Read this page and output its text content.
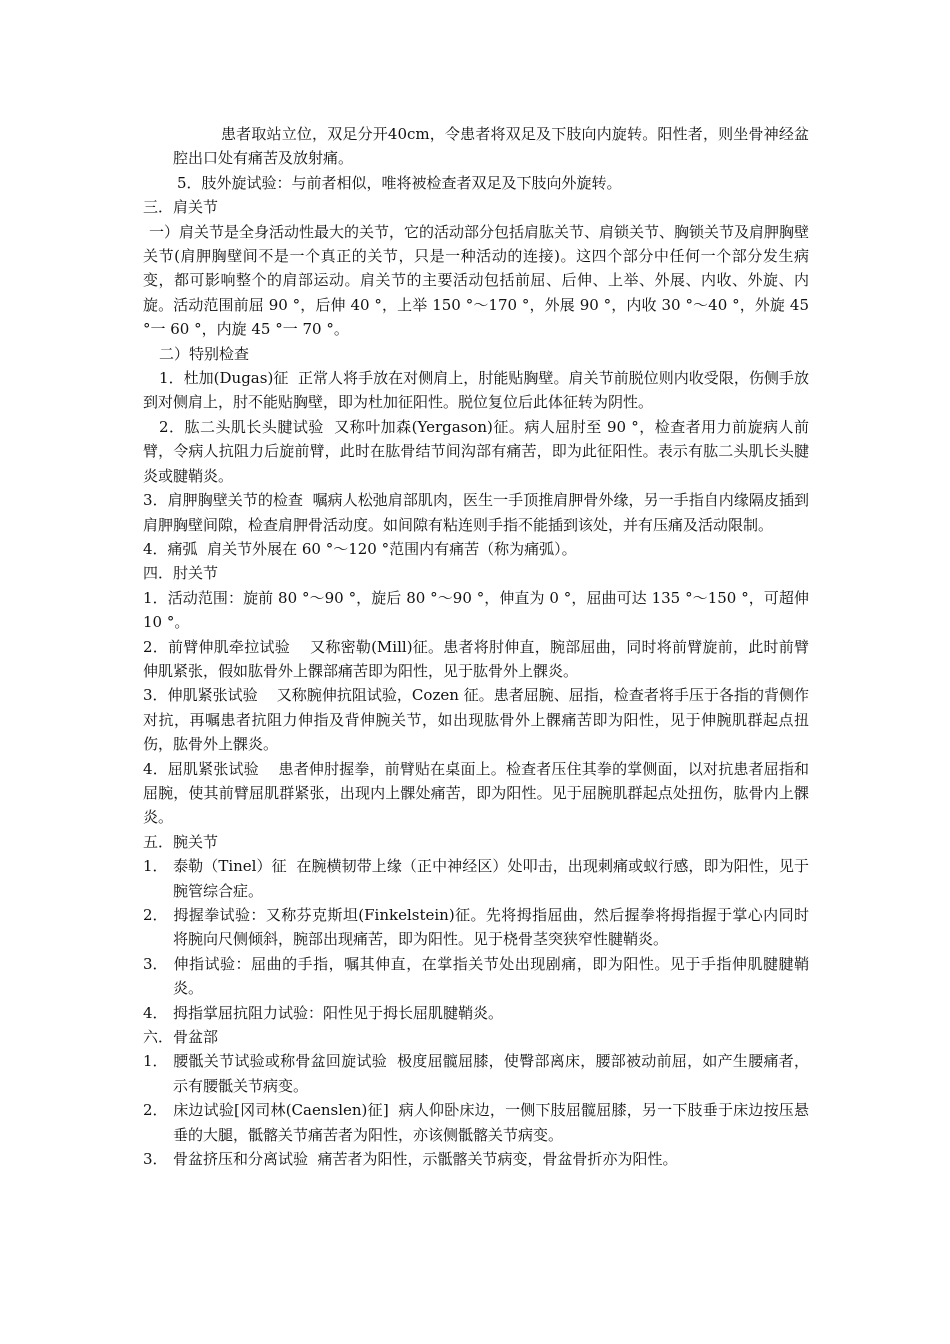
患者取站立位，双足分开40cm，令患者将双足及下肢向内旋转。阳性者，则坐骨神经盆腔出口处有痛苦及放射痛。

5．肢外旋试验：与前者相似，唯将被检查者双足及下肢向外旋转。

三．肩关节

一）肩关节是全身活动性最大的关节，它的活动部分包括肩肱关节、肩锁关节、胸锁关节及肩胛胸壁关节(肩胛胸壁间不是一个真正的关节，只是一种活动的连接)。这四个部分中任何一个部分发生病变，都可影响整个的肩部运动。肩关节的主要活动包括前屈、后伸、上举、外展、内收、外旋、内旋。活动范围前屈 90 °，后伸 40 °，上举 150 °～170 °，外展 90 °，内收 30 °～40 °，外旋 45 °一 60 °，内旋 45 °一 70 °。

二）特别检查

1．杜加(Dugas)征  正常人将手放在对侧肩上，肘能贴胸壁。肩关节前脱位则内收受限，伤侧手放到对侧肩上，肘不能贴胸壁，即为杜加征阳性。脱位复位后此体征转为阴性。

2．肱二头肌长头腱试验  又称叶加森(Yergason)征。病人屈肘至 90 °，检查者用力前旋病人前臂，令病人抗阻力后旋前臂，此时在肱骨结节间沟部有痛苦，即为此征阳性。表示有肱二头肌长头腱炎或腱鞘炎。

3．肩胛胸壁关节的检查  嘱病人松弛肩部肌肉，医生一手顶推肩胛骨外缘，另一手指自内缘隔皮插到肩胛胸壁间隙，检查肩胛骨活动度。如间隙有粘连则手指不能插到该处，并有压痛及活动限制。

4．痛弧  肩关节外展在 60 °～120 °范围内有痛苦（称为痛弧）。

四．肘关节

1．活动范围：旋前 80 °～90 °，旋后 80 °～90 °，伸直为 0 °，屈曲可达 135 °～150 °，可超伸 10 °。

2．前臂伸肌牵拉试验    又称密勒(Mill)征。患者将肘伸直，腕部屈曲，同时将前臂旋前，此时前臂伸肌紧张，假如肱骨外上髁部痛苦即为阳性，见于肱骨外上髁炎。

3．伸肌紧张试验    又称腕伸抗阻试验，Cozen 征。患者屈腕、屈指，检查者将手压于各指的背侧作对抗，再嘱患者抗阻力伸指及背伸腕关节，如出现肱骨外上髁痛苦即为阳性，见于伸腕肌群起点扭伤，肱骨外上髁炎。

4．屈肌紧张试验    患者伸肘握拳，前臂贴在桌面上。检查者压住其拳的掌侧面，以对抗患者屈指和屈腕，使其前臂屈肌群紧张，出现内上髁处痛苦，即为阳性。见于屈腕肌群起点处扭伤，肱骨内上髁炎。

五．腕关节

1． 泰勒（Tinel）征  在腕横韧带上缘（正中神经区）处叩击，出现刺痛或蚁行感，即为阳性，见于腕管综合症。

2． 拇握拳试验：又称芬克斯坦(Finkelstein)征。先将拇指屈曲，然后握拳将拇指握于掌心内同时将腕向尺侧倾斜，腕部出现痛苦，即为阳性。见于桡骨茎突狭窄性腱鞘炎。

3． 伸指试验：屈曲的手指，嘱其伸直，在掌指关节处出现剧痛，即为阳性。见于手指伸肌腱腱鞘炎。

4． 拇指掌屈抗阻力试验：阳性见于拇长屈肌腱鞘炎。

六．骨盆部

1． 腰骶关节试验或称骨盆回旋试验  极度屈髋屈膝，使臀部离床，腰部被动前屈，如产生腰痛者，示有腰骶关节病变。

2． 床边试验[冈司林(Caenslen)征]  病人仰卧床边，一侧下肢屈髋屈膝，另一下肢垂于床边按压悬垂的大腿，骶髂关节痛苦者为阳性，亦该侧骶髂关节病变。

3． 骨盆挤压和分离试验  痛苦者为阳性，示骶髂关节病变，骨盆骨折亦为阳性。
